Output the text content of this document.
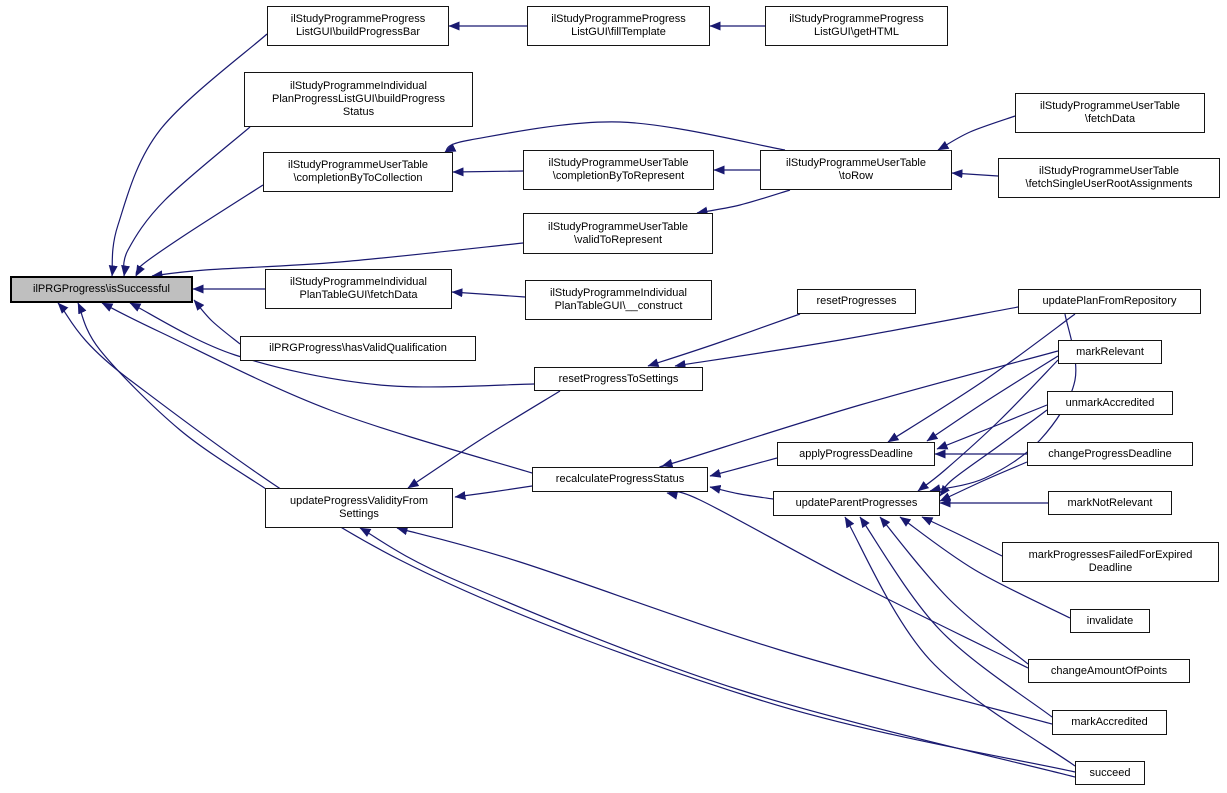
ilStudyProgrammeProgress
ListGUI\buildProgressBar
ilStudyProgrammeProgress
ListGUI\fillTemplate
ilStudyProgrammeProgress
ListGUI\getHTML
ilStudyProgrammeIndividual
PlanProgressListGUI\buildProgress
Status
ilStudyProgrammeUserTable
\completionByToCollection
ilStudyProgrammeUserTable
\completionByToRepresent
ilStudyProgrammeUserTable
\toRow
ilStudyProgrammeUserTable
\fetchData
ilStudyProgrammeUserTable
\fetchSingleUserRootAssignments
ilStudyProgrammeUserTable
\validToRepresent
ilPRGProgress\isSuccessful
ilStudyProgrammeIndividual
PlanTableGUI\fetchData	ilStudyProgrammeIndividual
PlanTableGUI\__construct	resetProgresses	updatePlanFromRepository
ilPRGProgress\hasValidQualification	markRelevant
resetProgressToSettings
unmarkAccredited
applyProgressDeadline	changeProgressDeadline
recalculateProgressStatus
updateParentProgresses	markNotRelevant
updateProgressValidityFrom
Settings
markProgressesFailedForExpired
Deadline
invalidate
changeAmountOfPoints
markAccredited
succeed
